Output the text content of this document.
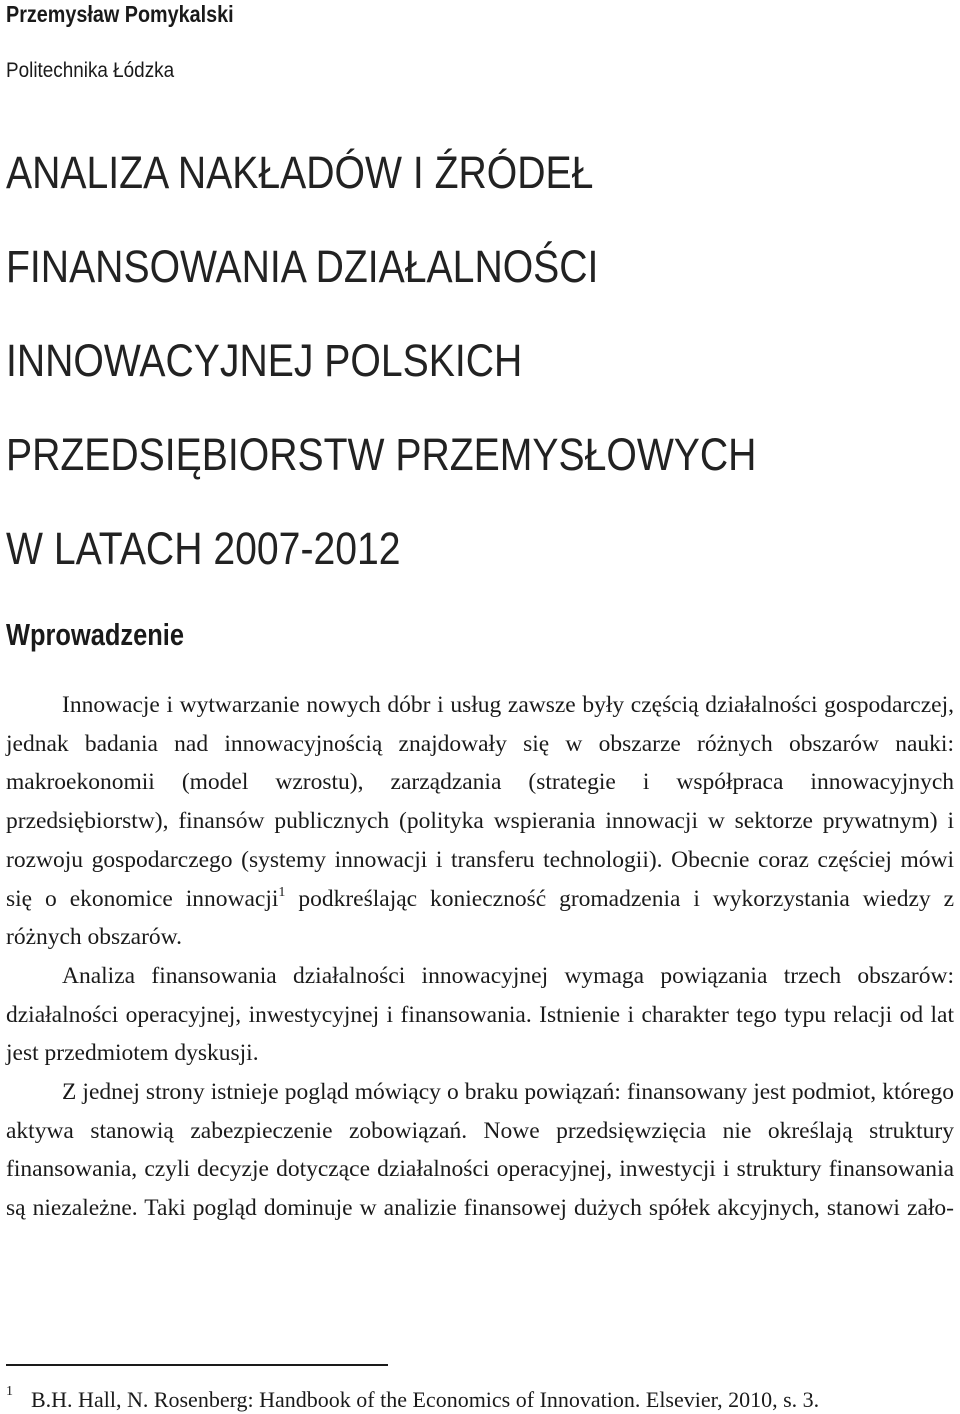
Przemysław Pomykalski
Politechnika Łódzka
ANALIZA NAKŁADÓW I ŹRÓDEŁ
FINANSOWANIA DZIAŁALNOŚCI
INNOWACYJNEJ POLSKICH
PRZEDSIĘBIORSTW PRZEMYSŁOWYCH
W LATACH 2007-2012
Wprowadzenie

Innowacje i wytwarzanie nowych dóbr i usług zawsze były częścią działalności gospodarczej, jednak badania nad innowacyjnością znajdowały się w obszarze różnych obszarów nauki: makroekonomii (model wzrostu), zarządzania (strategie i współpraca innowacyjnych przedsiębiorstw), finansów publicznych (polityka wspierania innowacji w sektorze prywatnym) i rozwoju gospodarczego (systemy innowacji i transferu technologii). Obecnie coraz częściej mówi się o ekonomice innowacji$^1$ podkreślając konieczność gromadzenia i wykorzystania wiedzy z różnych obszarów.

Analiza finansowania działalności innowacyjnej wymaga powiązania trzech obszarów: działalności operacyjnej, inwestycyjnej i finansowania. Istnienie i charakter tego typu relacji od lat jest przedmiotem dyskusji.

Z jednej strony istnieje pogląd mówiący o braku powiązań: finansowany jest podmiot, którego aktywa stanowią zabezpieczenie zobowiązań. Nowe przedsięwzięcia nie określają struktury finansowania, czyli decyzje dotyczące działalności operacyjnej, inwestycji i struktury finansowania są niezależne. Taki pogląd dominuje w analizie finansowej dużych spółek akcyjnych, stanowi zało-

$^1$ B.H. Hall, N. Rosenberg: Handbook of the Economics of Innovation. Elsevier, 2010, s. 3.
